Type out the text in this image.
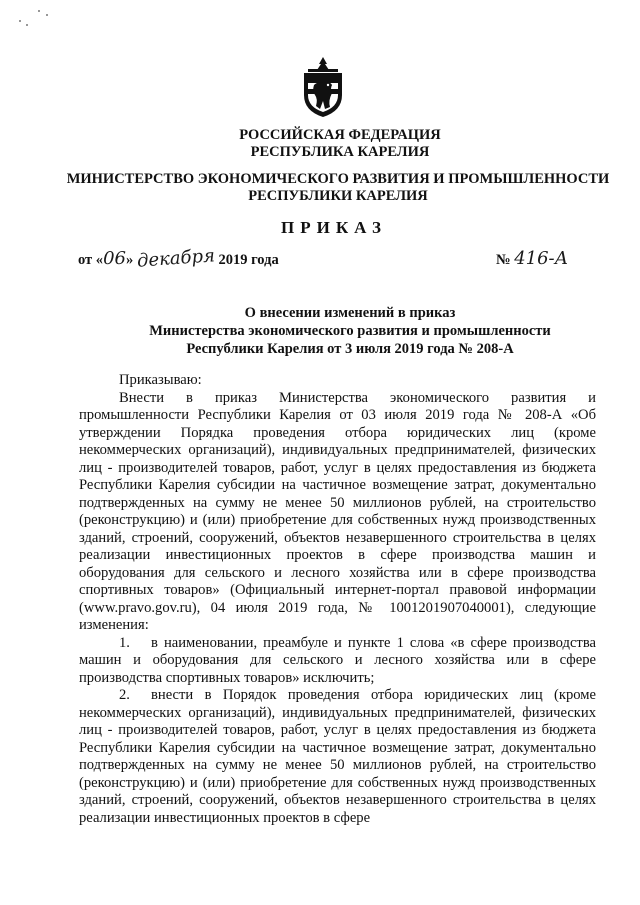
РОССИЙСКАЯ ФЕДЕРАЦИЯ
РЕСПУБЛИКА КАРЕЛИЯ
МИНИСТЕРСТВО ЭКОНОМИЧЕСКОГО РАЗВИТИЯ И ПРОМЫШЛЕННОСТИ
РЕСПУБЛИКИ КАРЕЛИЯ
ПРИКАЗ
от «06» декабря 2019 года	№ 416-А
О внесении изменений в приказ
Министерства экономического развития и промышленности
Республики Карелия от 3 июля 2019 года № 208-А

Приказываю:

Внести в приказ Министерства экономического развития и промышленности Республики Карелия от 03 июля 2019 года № 208-А «Об утверждении Порядка проведения отбора юридических лиц (кроме некоммерческих организаций), индивидуальных предпринимателей, физических лиц - производителей товаров, работ, услуг в целях предоставления из бюджета Республики Карелия субсидии на частичное возмещение затрат, документально подтвержденных на сумму не менее 50 миллионов рублей, на строительство (реконструкцию) и (или) приобретение для собственных нужд производственных зданий, строений, сооружений, объектов незавершенного строительства в целях реализации инвестиционных проектов в сфере производства машин и оборудования для сельского и лесного хозяйства или в сфере производства спортивных товаров» (Официальный интернет-портал правовой информации (www.pravo.gov.ru), 04 июля 2019 года, № 1001201907040001), следующие изменения:

1. в наименовании, преамбуле и пункте 1 слова «в сфере производства машин и оборудования для сельского и лесного хозяйства или в сфере производства спортивных товаров» исключить;

2. внести в Порядок проведения отбора юридических лиц (кроме некоммерческих организаций), индивидуальных предпринимателей, физических лиц - производителей товаров, работ, услуг в целях предоставления из бюджета Республики Карелия субсидии на частичное возмещение затрат, документально подтвержденных на сумму не менее 50 миллионов рублей, на строительство (реконструкцию) и (или) приобретение для собственных нужд производственных зданий, строений, сооружений, объектов незавершенного строительства в целях реализации инвестиционных проектов в сфере
